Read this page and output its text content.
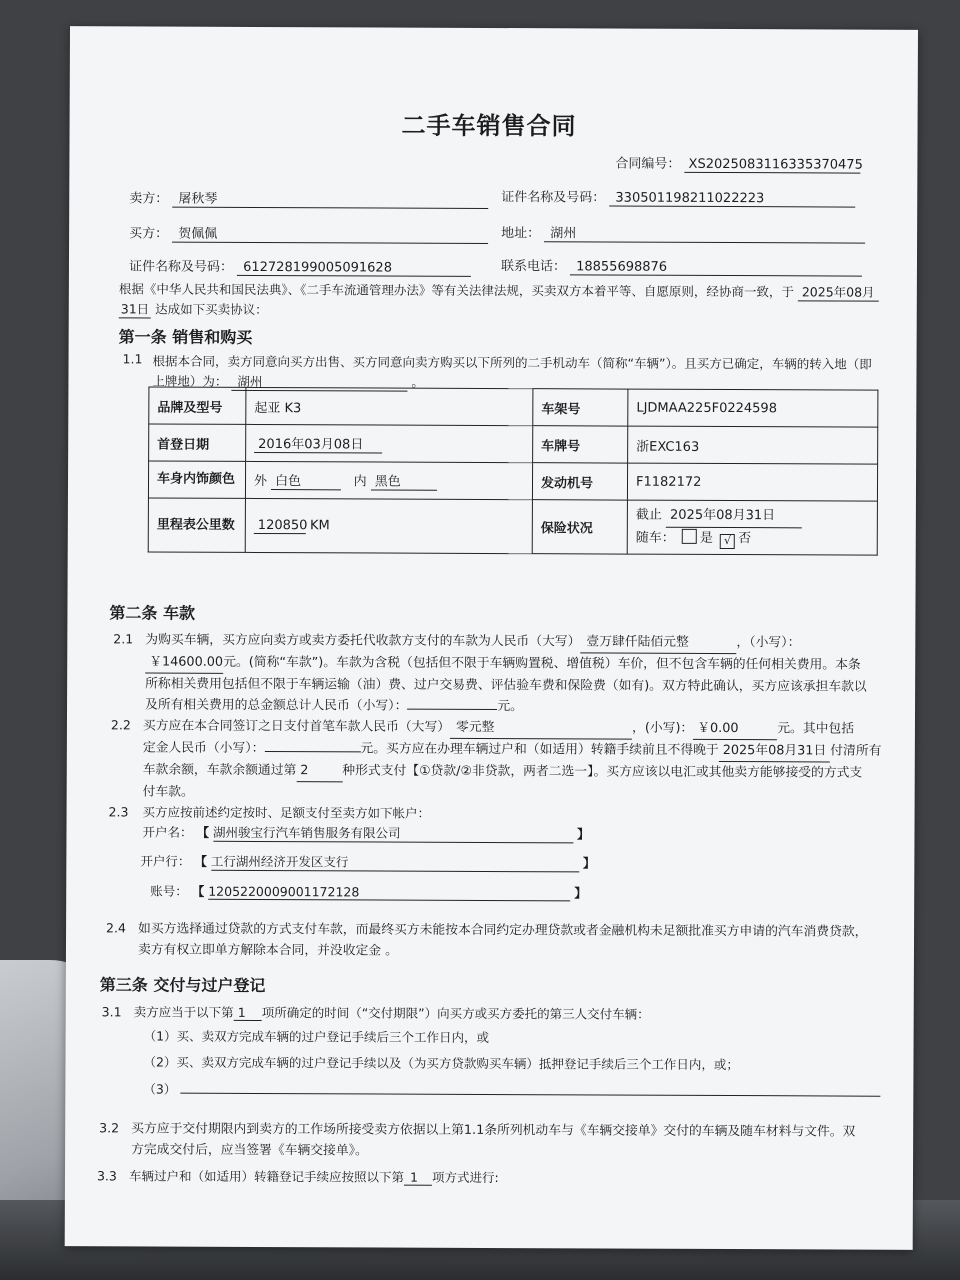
二手车销售合同
合同编号： XS2025083116335370475
卖方： 屠秋琴	证件名称及号码： 330501198211022223
买方： 贺佩佩	地址： 湖州
证件名称及号码： 612728199005091628	联系电话： 18855698876
根据《中华人民共和国民法典》、《二手车流通管理办法》等有关法律法规，买卖双方本着平等、自愿原则，经协商一致，于 2025年08月
31日 达成如下买卖协议：
第一条 销售和购买
1.1 根据本合同，卖方同意向买方出售、买方同意向卖方购买以下所列的二手机动车（简称“车辆”）。且买方已确定，车辆的转入地（即
上牌地）为： 湖州	。
品牌及型号	起亚 K3	车架号	LJDMAA225F0224598
首登日期	2016年03月08日	车牌号	浙EXC163
车身内饰颜色	外 白色 内 黑色	发动机号	F1182172
里程表公里数	120850 KM	保险状况	截止 2025年08月31日
随车： 是 √ 否
第二条 车款
2.1 为购买车辆，买方应向卖方或卖方委托代收款方支付的车款为人民币（大写） 壹万肆仟陆佰元整	，（小写）：
￥14600.00元。(简称“车款”)。车款为含税（包括但不限于车辆购置税、增值税）车价，但不包含车辆的任何相关费用。本条
所称相关费用包括但不限于车辆运输（油）费、过户交易费、评估验车费和保险费（如有)。双方特此确认，买方应该承担车款以
及所有相关费用的总金额总计人民币（小写）：	元。
2.2 买方应在本合同签订之日支付首笔车款人民币（大写） 零元整	，(小写)： ￥0.00	元。其中包括
定金人民币（小写）：	元。买方应在办理车辆过户和（如适用）转籍手续前且不得晚于 2025年08月31日 付清所有
车款余额，车款余额通过第 2	种形式支付【①贷款/②非贷款，两者二选一】。买方应该以电汇或其他卖方能够接受的方式支
付车款。
2.3 买方应按前述约定按时、足额支付至卖方如下帐户：
开户名： 【 湖州骏宝行汽车销售服务有限公司	】
开户行： 【 工行湖州经济开发区支行	】
账号： 【 1205220009001172128	】
2.4 如买方选择通过贷款的方式支付车款，而最终买方未能按本合同约定办理贷款或者金融机构未足额批准买方申请的汽车消费贷款，
卖方有权立即单方解除本合同，并没收定金 。
第三条 交付与过户登记
3.1 卖方应当于以下第 1 项所确定的时间（“交付期限”）向买方或买方委托的第三人交付车辆：
（1）买、卖双方完成车辆的过户登记手续后三个工作日内，或
（2）买、卖双方完成车辆的过户登记手续以及（为买方贷款购买车辆）抵押登记手续后三个工作日内，或；
（3）
3.2 买方应于交付期限内到卖方的工作场所接受卖方依据以上第1.1条所列机动车与《车辆交接单》交付的车辆及随车材料与文件。双
方完成交付后，应当签署《车辆交接单》。
3.3 车辆过户和（如适用）转籍登记手续应按照以下第 1 项方式进行:
